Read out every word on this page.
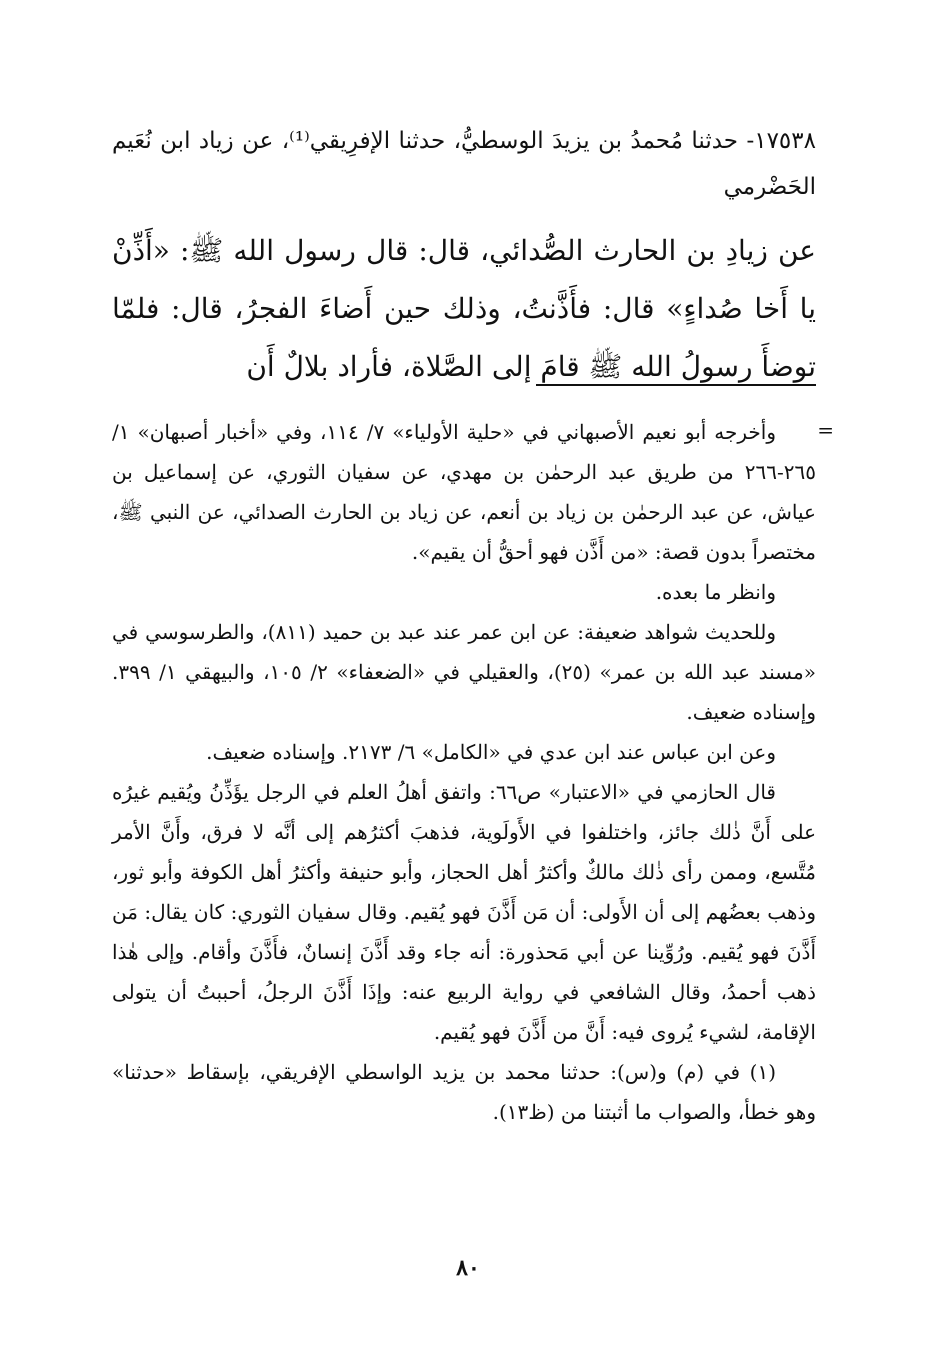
١٧٥٣٨- حدثنا مُحمدُ بن يزيدَ الوسطيُّ، حدثنا الإفرِيقي⁽¹⁾، عن زياد ابن نُعَيم الحَضْرمي
عن زيادِ بن الحارث الصُّدائي، قال: قال رسول الله ﷺ: «أَذِّنْ يا أَخا صُداءٍ» قال: فأَذَّنتُ، وذلك حين أَضاءَ الفجرُ، قال: فلمّا توضأَ رسولُ الله ﷺ قامَ إلى الصَّلاة، فأراد بلالٌ أَن
=

وأخرجه أبو نعيم الأصبهاني في «حلية الأولياء» ٧/ ١١٤، وفي «أخبار أصبهان» ١/ ٢٦٥-٢٦٦ من طريق عبد الرحمٰن بن مهدي، عن سفيان الثوري، عن إسماعيل بن عياش، عن عبد الرحمٰن بن زياد بن أنعم، عن زياد بن الحارث الصدائي، عن النبي ﷺ، مختصراً بدون قصة: «من أَذَّن فهو أحقُّ أن يقيم».

وانظر ما بعده.

وللحديث شواهد ضعيفة: عن ابن عمر عند عبد بن حميد (٨١١)، والطرسوسي في «مسند عبد الله بن عمر» (٢٥)، والعقيلي في «الضعفاء» ٢/ ١٠٥، والبيهقي ١/ ٣٩٩. وإسناده ضعيف.

وعن ابن عباس عند ابن عدي في «الكامل» ٦/ ٢١٧٣. وإسناده ضعيف.

قال الحازمي في «الاعتبار» ص٦٦: واتفق أهلُ العلم في الرجل يؤَذِّنُ ويُقيم غيرُه على أَنَّ ذٰلك جائز، واختلفوا في الأَولَوية، فذهبَ أكثرُهم إلى أنَّه لا فرق، وأَنَّ الأمر مُتَّسع، وممن رأى ذٰلك مالكٌ وأكثرُ أهل الحجاز، وأبو حنيفة وأكثرُ أهل الكوفة وأبو ثور، وذهب بعضُهم إلى أن الأَولى: أن مَن أَذَّنَ فهو يُقيم. وقال سفيان الثوري: كان يقال: مَن أَذَّنَ فهو يُقيم. ورُوِّينا عن أبي مَحذورة: أنه جاء وقد أَذَّنَ إنسانٌ، فأَذَّنَ وأقام. وإلى هٰذا ذهب أحمدُ، وقال الشافعي في رواية الربيع عنه: وإذَا أَذَّنَ الرجلُ، أحببتُ أن يتولى الإقامة، لشيء يُروى فيه: أَنَّ من أَذَّنَ فهو يُقيم.

(١) في (م) و(س): حدثنا محمد بن يزيد الواسطي الإفريقي، بإسقاط «حدثنا» وهو خطأ، والصواب ما أثبتنا من (ظ١٣).

٨٠
